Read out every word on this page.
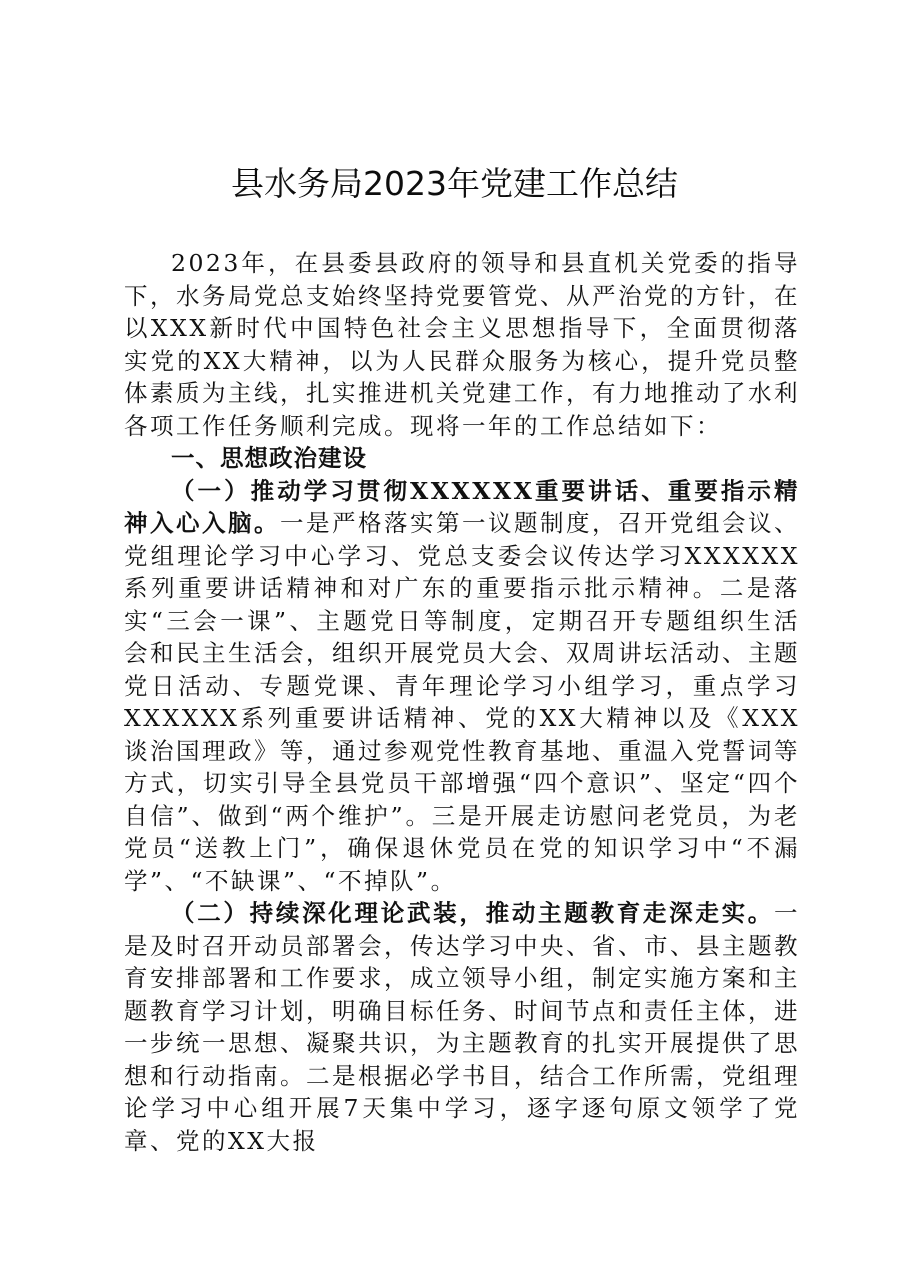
县水务局2023年党建工作总结

2023年，在县委县政府的领导和县直机关党委的指导下，水务局党总支始终坚持党要管党、从严治党的方针，在以XXX新时代中国特色社会主义思想指导下，全面贯彻落实党的XX大精神，以为人民群众服务为核心，提升党员整体素质为主线，扎实推进机关党建工作，有力地推动了水利各项工作任务顺利完成。现将一年的工作总结如下：

一、思想政治建设

（一）推动学习贯彻XXXXXX重要讲话、重要指示精神入心入脑。一是严格落实第一议题制度，召开党组会议、党组理论学习中心学习、党总支委会议传达学习XXXXXX系列重要讲话精神和对广东的重要指示批示精神。二是落实“三会一课”、主题党日等制度，定期召开专题组织生活会和民主生活会，组织开展党员大会、双周讲坛活动、主题党日活动、专题党课、青年理论学习小组学习，重点学习XXXXXX系列重要讲话精神、党的XX大精神以及《XXX谈治国理政》等，通过参观党性教育基地、重温入党誓词等方式，切实引导全县党员干部增强“四个意识”、坚定“四个自信”、做到“两个维护”。三是开展走访慰问老党员，为老党员“送教上门”，确保退休党员在党的知识学习中“不漏学”、“不缺课”、“不掉队”。

（二）持续深化理论武装，推动主题教育走深走实。一是及时召开动员部署会，传达学习中央、省、市、县主题教育安排部署和工作要求，成立领导小组，制定实施方案和主题教育学习计划，明确目标任务、时间节点和责任主体，进一步统一思想、凝聚共识，为主题教育的扎实开展提供了思想和行动指南。二是根据必学书目，结合工作所需，党组理论学习中心组开展7天集中学习，逐字逐句原文领学了党章、党的XX大报
